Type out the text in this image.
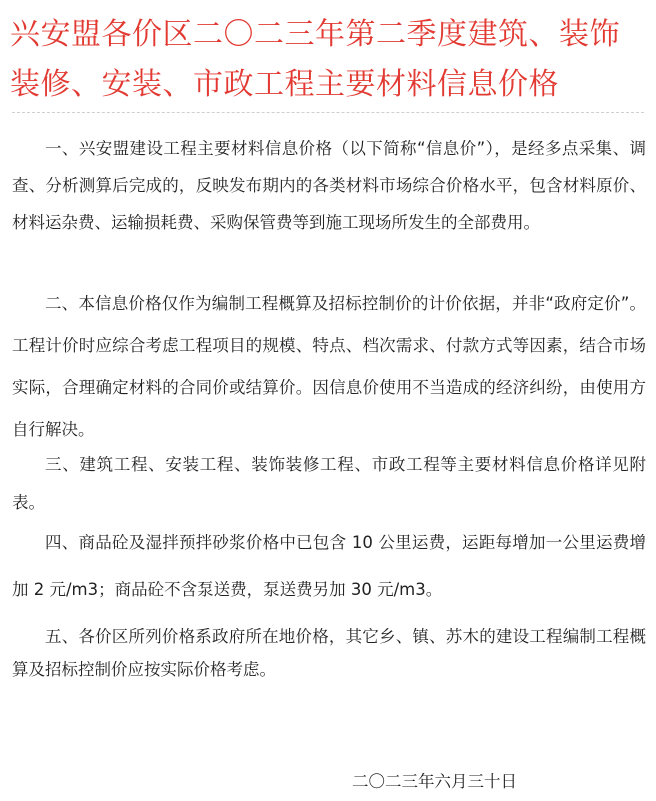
兴安盟各价区二〇二三年第二季度建筑、装饰装修、安装、市政工程主要材料信息价格

一、兴安盟建设工程主要材料信息价格（以下简称“信息价”），是经多点采集、调查、分析测算后完成的，反映发布期内的各类材料市场综合价格水平，包含材料原价、材料运杂费、运输损耗费、采购保管费等到施工现场所发生的全部费用。

二、本信息价格仅作为编制工程概算及招标控制价的计价依据，并非“政府定价”。工程计价时应综合考虑工程项目的规模、特点、档次需求、付款方式等因素，结合市场实际，合理确定材料的合同价或结算价。因信息价使用不当造成的经济纠纷，由使用方自行解决。

三、建筑工程、安装工程、装饰装修工程、市政工程等主要材料信息价格详见附表。

四、商品砼及湿拌预拌砂浆价格中已包含 10 公里运费，运距每增加一公里运费增加 2 元/m3；商品砼不含泵送费，泵送费另加 30 元/m3。

五、各价区所列价格系政府所在地价格，其它乡、镇、苏木的建设工程编制工程概算及招标控制价应按实际价格考虑。

二〇二三年六月三十日
